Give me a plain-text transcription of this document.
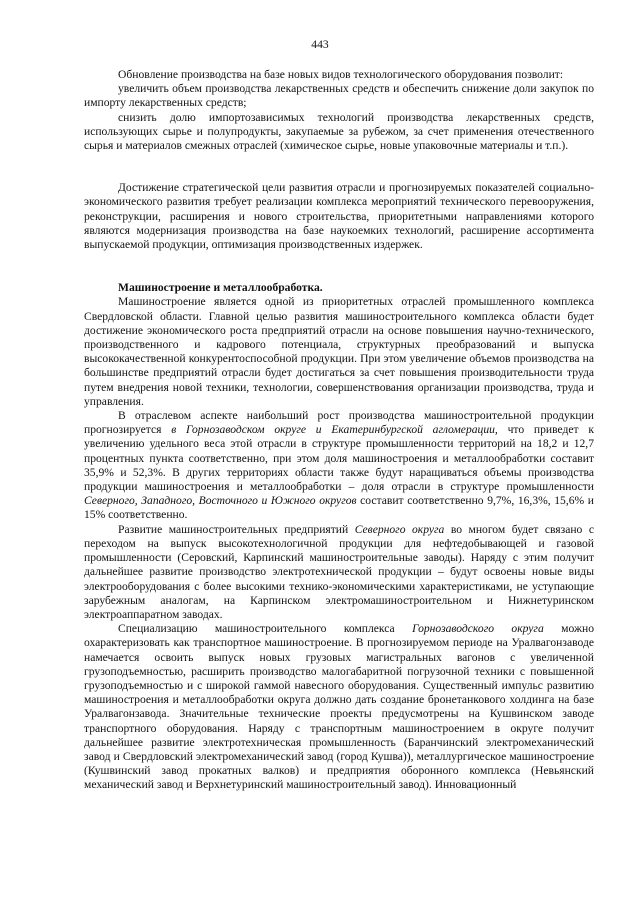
443

Обновление производства на базе новых видов технологического оборудования позволит:

увеличить объем производства лекарственных средств и обеспечить снижение доли закупок по импорту лекарственных средств;

снизить долю импортозависимых технологий производства лекарственных средств, использующих сырье и полупродукты, закупаемые за рубежом, за счет применения отечественного сырья и материалов смежных отраслей (химическое сырье, новые упаковочные материалы и т.п.).

Достижение стратегической цели развития отрасли и прогнозируемых показателей социально-экономического развития требует реализации комплекса мероприятий технического перевооружения, реконструкции, расширения и нового строительства, приоритетными направлениями которого являются модернизация производства на базе наукоемких технологий, расширение ассортимента выпускаемой продукции, оптимизация производственных издержек.

Машиностроение и металлообработка.

Машиностроение является одной из приоритетных отраслей промышленного комплекса Свердловской области. Главной целью развития машиностроительного комплекса области будет достижение экономического роста предприятий отрасли на основе повышения научно-технического, производственного и кадрового потенциала, структурных преобразований и выпуска высококачественной конкурентоспособной продукции. При этом увеличение объемов производства на большинстве предприятий отрасли будет достигаться за счет повышения производительности труда путем внедрения новой техники, технологии, совершенствования организации производства, труда и управления.

В отраслевом аспекте наибольший рост производства машиностроительной продукции прогнозируется в Горнозаводском округе и Екатеринбургской агломерации, что приведет к увеличению удельного веса этой отрасли в структуре промышленности территорий на 18,2 и 12,7 процентных пункта соответственно, при этом доля машиностроения и металлообработки составит 35,9% и 52,3%. В других территориях области также будут наращиваться объемы производства продукции машиностроения и металлообработки – доля отрасли в структуре промышленности Северного, Западного, Восточного и Южного округов составит соответственно 9,7%, 16,3%, 15,6% и 15% соответственно.

Развитие машиностроительных предприятий Северного округа во многом будет связано с переходом на выпуск высокотехнологичной продукции для нефтедобывающей и газовой промышленности (Серовский, Карпинский машиностроительные заводы). Наряду с этим получит дальнейшее развитие производство электротехнической продукции – будут освоены новые виды электрооборудования с более высокими технико-экономическими характеристиками, не уступающие зарубежным аналогам, на Карпинском электромашиностроительном и Нижнетуринском электроаппаратном заводах.

Специализацию машиностроительного комплекса Горнозаводского округа можно охарактеризовать как транспортное машиностроение. В прогнозируемом периоде на Уралвагонзаводе намечается освоить выпуск новых грузовых магистральных вагонов с увеличенной грузоподъемностью, расширить производство малогабаритной погрузочной техники с повышенной грузоподъемностью и с широкой гаммой навесного оборудования. Существенный импульс развитию машиностроения и металлообработки округа должно дать создание бронетанкового холдинга на базе Уралвагонзавода. Значительные технические проекты предусмотрены на Кушвинском заводе транспортного оборудования. Наряду с транспортным машиностроением в округе получит дальнейшее развитие электротехническая промышленность (Баранчинский электромеханический завод и Свердловский электромеханический завод (город Кушва)), металлургическое машиностроение (Кушвинский завод прокатных валков) и предприятия оборонного комплекса (Невьянский механический завод и Верхнетуринский машиностроительный завод). Инновационный
